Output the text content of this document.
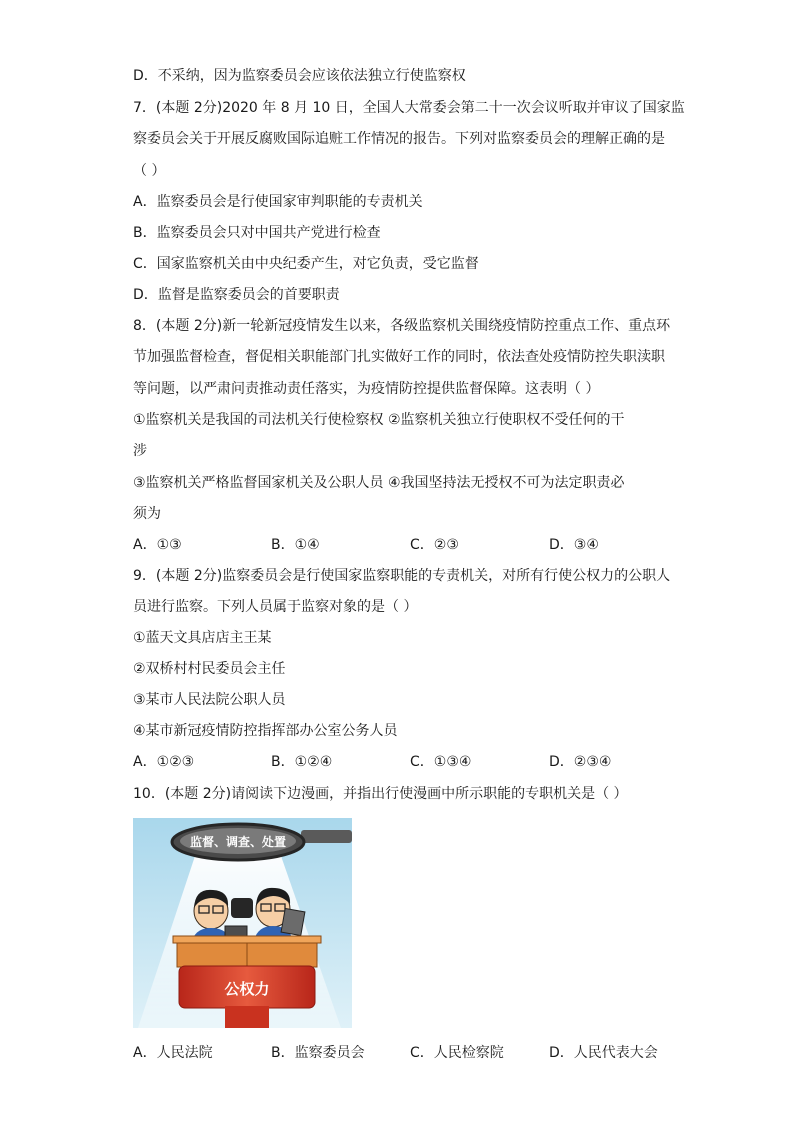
D．不采纳，因为监察委员会应该依法独立行使监察权
7．(本题 2分)2020 年 8 月 10 日，全国人大常委会第二十一次会议听取并审议了国家监
察委员会关于开展反腐败国际追赃工作情况的报告。下列对监察委员会的理解正确的是
（ ）
A．监察委员会是行使国家审判职能的专责机关
B．监察委员会只对中国共产党进行检查
C．国家监察机关由中央纪委产生，对它负责，受它监督
D．监督是监察委员会的首要职责
8．(本题 2分)新一轮新冠疫情发生以来，各级监察机关围绕疫情防控重点工作、重点环
节加强监督检查，督促相关职能部门扎实做好工作的同时，依法查处疫情防控失职渎职
等问题，以严肃问责推动责任落实，为疫情防控提供监督保障。这表明（ ）
①监察机关是我国的司法机关行使检察权 ②监察机关独立行使职权不受任何的干
涉
③监察机关严格监督国家机关及公职人员 ④我国坚持法无授权不可为法定职责必
须为
A．①③	B．①④	C．②③	D．③④
9．(本题 2分)监察委员会是行使国家监察职能的专责机关，对所有行使公权力的公职人
员进行监察。下列人员属于监察对象的是（ ）
①蓝天文具店店主王某
②双桥村村民委员会主任
③某市人民法院公职人员
④某市新冠疫情防控指挥部办公室公务人员
A．①②③	B．①②④	C．①③④	D．②③④
10．(本题 2分)请阅读下边漫画，并指出行使漫画中所示职能的专职机关是（ ）
监督、调查、处置
公权力
A．人民法院	B．监察委员会	C．人民检察院	D．人民代表大会
